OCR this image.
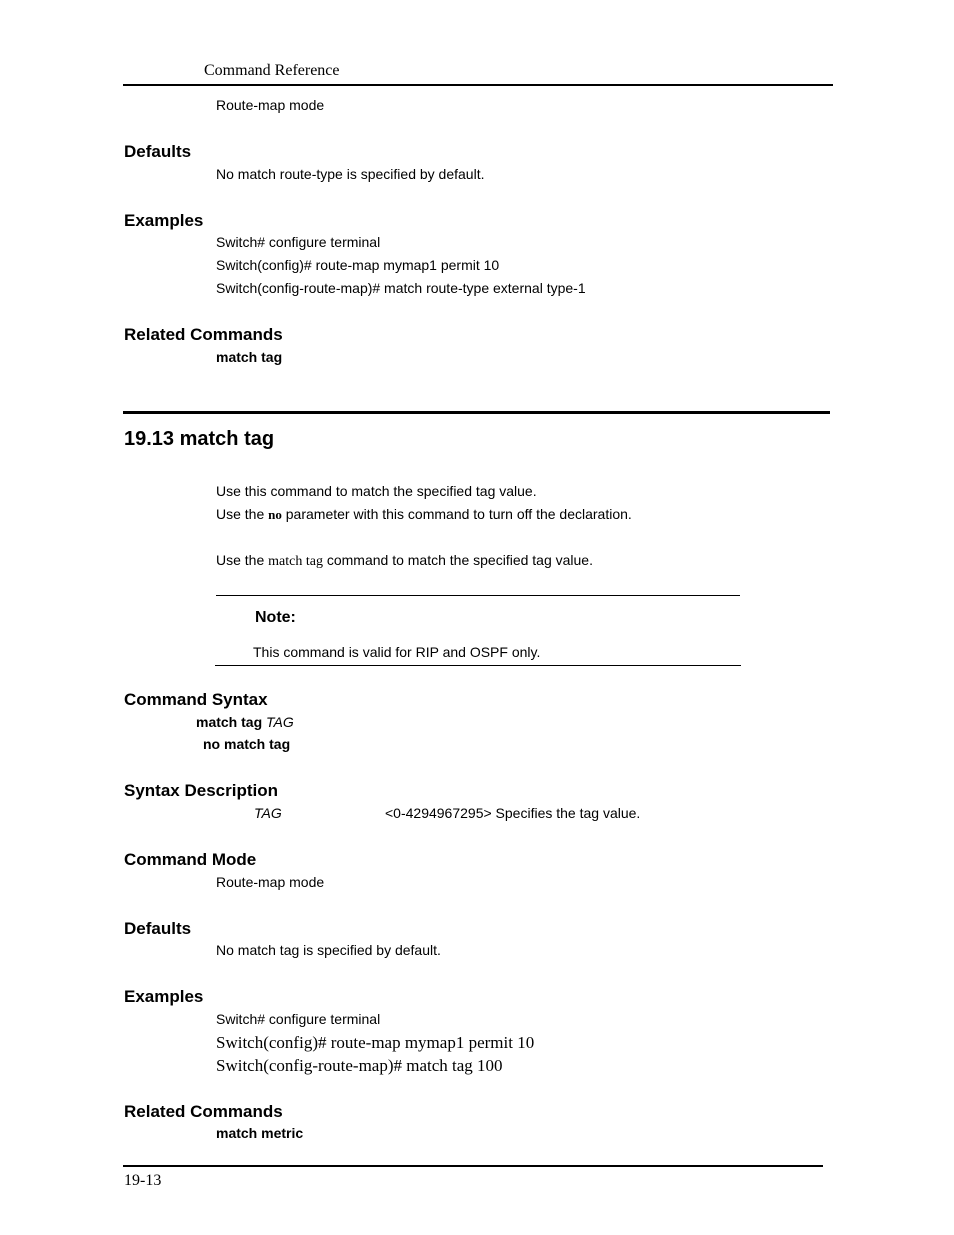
Command Reference
Route-map mode
Defaults
No match route-type is specified by default.
Examples
Switch# configure terminal
Switch(config)# route-map mymap1 permit 10
Switch(config-route-map)# match route-type external type-1
Related Commands
match tag
19.13 match tag
Use this command to match the specified tag value.
Use the no parameter with this command to turn off the declaration.
Use the match tag command to match the specified tag value.
Note:
This command is valid for RIP and OSPF only.
Command Syntax
match tag TAG
no match tag
Syntax Description
TAG	<0-4294967295> Specifies the tag value.
Command Mode
Route-map mode
Defaults
No match tag is specified by default.
Examples
Switch# configure terminal
Switch(config)# route-map mymap1 permit 10
Switch(config-route-map)# match tag 100
Related Commands
match metric
19-13
